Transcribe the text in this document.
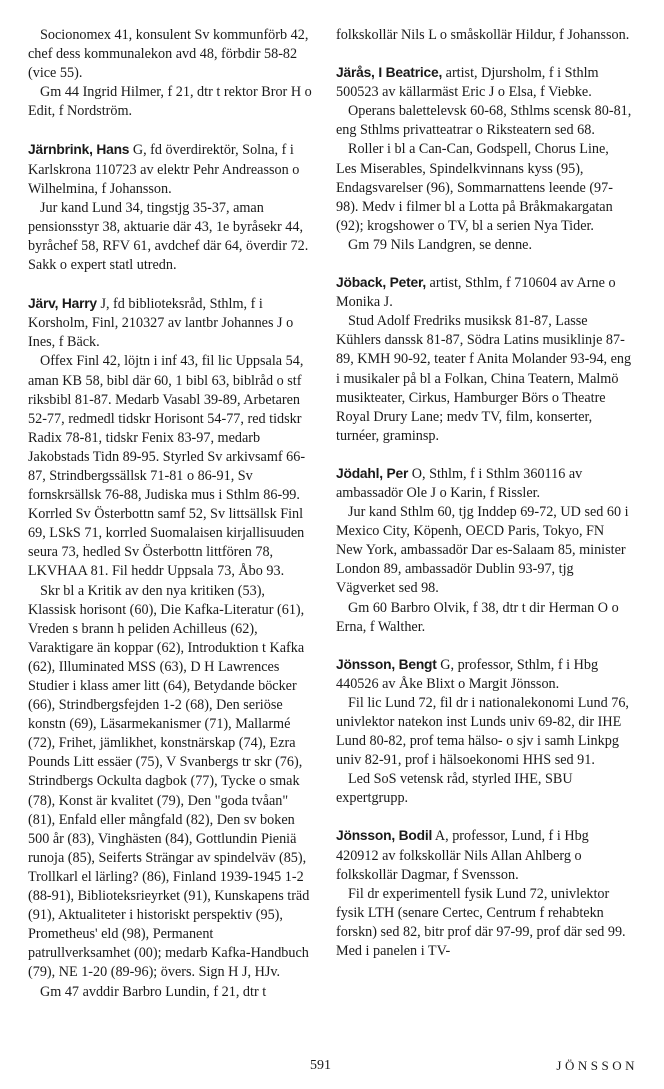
Socionomex 41, konsulent Sv kommunförb 42, chef dess kommunalekon avd 48, förbdir 58-82 (vice 55).

Gm 44 Ingrid Hilmer, f 21, dtr t rektor Bror H o Edit, f Nordström.

Järnbrink, Hans G, fd överdirektör, Solna, f i Karlskrona 110723 av elektr Pehr Andreasson o Wilhelmina, f Johansson.

Jur kand Lund 34, tingstjg 35-37, aman pensionsstyr 38, aktuarie där 43, 1e byråsekr 44, byråchef 58, RFV 61, avdchef där 64, överdir 72. Sakk o expert statl utredn.

Järv, Harry J, fd biblioteksråd, Sthlm, f i Korsholm, Finl, 210327 av lantbr Johannes J o Ines, f Bäck.

Offex Finl 42, löjtn i inf 43, fil lic Uppsala 54, aman KB 58, bibl där 60, 1 bibl 63, biblråd o stf riksbibl 81-87. Medarb Vasabl 39-89, Arbetaren 52-77, redmedl tidskr Horisont 54-77, red tidskr Radix 78-81, tidskr Fenix 83-97, medarb Jakobstads Tidn 89-95. Styrled Sv arkivsamf 66-87, Strindbergssällsk 71-81 o 86-91, Sv fornskrsällsk 76-88, Judiska mus i Sthlm 86-99. Korrled Sv Österbottn samf 52, Sv littsällsk Finl 69, LSkS 71, korrled Suomalaisen kirjallisuuden seura 73, hedled Sv Österbottn littfören 78, LKVHAA 81. Fil heddr Uppsala 73, Åbo 93.

Skr bl a Kritik av den nya kritiken (53), Klassisk horisont (60), Die Kafka-Literatur (61), Vreden s brann h peliden Achilleus (62), Varaktigare än koppar (62), Introduktion t Kafka (62), Illuminated MSS (63), D H Lawrences Studier i klass amer litt (64), Betydande böcker (66), Strindbergsfejden 1-2 (68), Den seriöse konstn (69), Läsarmekanismer (71), Mallarmé (72), Frihet, jämlikhet, konstnärskap (74), Ezra Pounds Litt essäer (75), V Svanbergs tr skr (76), Strindbergs Ockulta dagbok (77), Tycke o smak (78), Konst är kvalitet (79), Den "goda tvåan" (81), Enfald eller mångfald (82), Den sv boken 500 år (83), Vinghästen (84), Gottlundin Pieniä runoja (85), Seiferts Strängar av spindelväv (85), Trollkarl el lärling? (86), Finland 1939-1945 1-2 (88-91), Biblioteksrieyrket (91), Kunskapens träd (91), Aktualiteter i historiskt perspektiv (95), Prometheus' eld (98), Permanent patrullverksamhet (00); medarb Kafka-Handbuch (79), NE 1-20 (89-96); övers. Sign H J, HJv.

Gm 47 avddir Barbro Lundin, f 21, dtr t

folkskollär Nils L o småskollär Hildur, f Johansson.

Järås, I Beatrice, artist, Djursholm, f i Sthlm 500523 av källarmäst Eric J o Elsa, f Viebke.

Operans balettelevsk 60-68, Sthlms scensk 80-81, eng Sthlms privatteatrar o Riksteatern sed 68.

Roller i bl a Can-Can, Godspell, Chorus Line, Les Miserables, Spindelkvinnans kyss (95), Endagsvarelser (96), Sommarnattens leende (97-98). Medv i filmer bl a Lotta på Bråkmakargatan (92); krogshower o TV, bl a serien Nya Tider.

Gm 79 Nils Landgren, se denne.

Jöback, Peter, artist, Sthlm, f 710604 av Arne o Monika J.

Stud Adolf Fredriks musiksk 81-87, Lasse Kühlers danssk 81-87, Södra Latins musiklinje 87-89, KMH 90-92, teater f Anita Molander 93-94, eng i musikaler på bl a Folkan, China Teatern, Malmö musikteater, Cirkus, Hamburger Börs o Theatre Royal Drury Lane; medv TV, film, konserter, turnéer, graminsp.

Jödahl, Per O, Sthlm, f i Sthlm 360116 av ambassadör Ole J o Karin, f Rissler.

Jur kand Sthlm 60, tjg Inddep 69-72, UD sed 60 i Mexico City, Köpenh, OECD Paris, Tokyo, FN New York, ambassadör Dar es-Salaam 85, minister London 89, ambassadör Dublin 93-97, tjg Vägverket sed 98.

Gm 60 Barbro Olvik, f 38, dtr t dir Herman O o Erna, f Walther.

Jönsson, Bengt G, professor, Sthlm, f i Hbg 440526 av Åke Blixt o Margit Jönsson.

Fil lic Lund 72, fil dr i nationalekonomi Lund 76, univlektor natekon inst Lunds univ 69-82, dir IHE Lund 80-82, prof tema hälso- o sjv i samh Linkpg univ 82-91, prof i hälsoekonomi HHS sed 91.

Led SoS vetensk råd, styrled IHE, SBU expertgrupp.

Jönsson, Bodil A, professor, Lund, f i Hbg 420912 av folkskollär Nils Allan Ahlberg o folkskollär Dagmar, f Svensson.

Fil dr experimentell fysik Lund 72, univlektor fysik LTH (senare Certec, Centrum f rehabtekn forskn) sed 82, bitr prof där 97-99, prof där sed 99. Med i panelen i TV-

591	JÖNSSON
